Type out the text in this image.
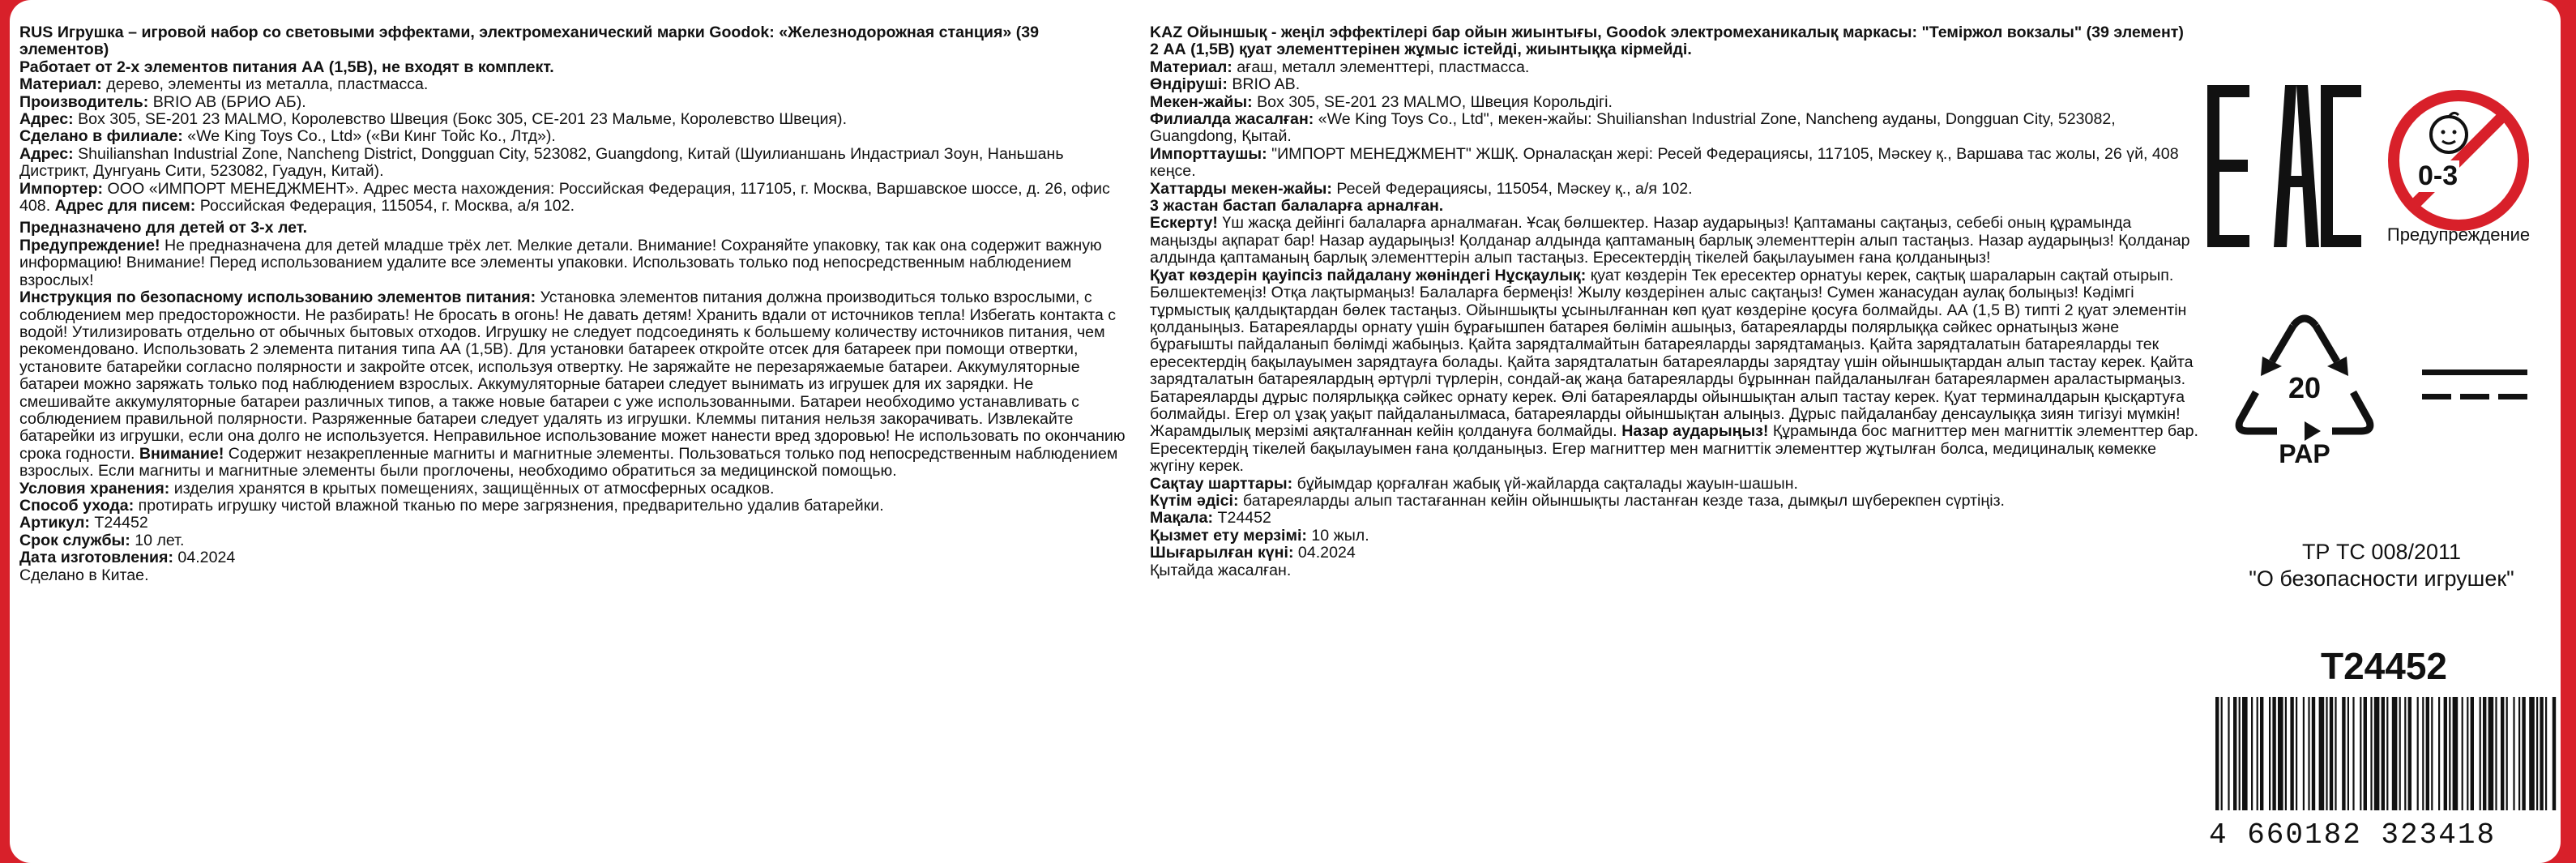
RUS Игрушка – игровой набор со световыми эффектами, электромеханический марки Goodok: «Железнодорожная станция» (39 элементов)

Работает от 2-х элементов питания АА (1,5В), не входят в комплект.

Материал: дерево, элементы из металла, пластмасса.

Производитель: BRIO AB (БРИО АБ).

Адрес: Box 305, SE-201 23 MALMO, Королевство Швеция (Бокс 305, СЕ-201 23 Мальме, Королевство Швеция).

Сделано в филиале: «We King Toys Co., Ltd» («Ви Кинг Тойс Ко., Лтд»).

Адрес: Shuilianshan Industrial Zone, Nancheng District, Dongguan City, 523082, Guangdong, Китай (Шуилианшань Индастриал Зоун, Наньшань Дистрикт, Дунгуань Сити, 523082, Гуадун, Китай).

Импортер: ООО «ИМПОРТ МЕНЕДЖМЕНТ». Адрес места нахождения: Российская Федерация, 117105, г. Москва, Варшавское шоссе, д. 26, офис 408. Адрес для писем: Российская Федерация, 115054, г. Москва, а/я 102.

Предназначено для детей от 3-х лет.

Предупреждение! Не предназначена для детей младше трёх лет. Мелкие детали. Внимание! Сохраняйте упаковку, так как она содержит важную информацию! Внимание! Перед использованием удалите все элементы упаковки. Использовать только под непосредственным наблюдением взрослых!

Инструкция по безопасному использованию элементов питания: Установка элементов питания должна производиться только взрослыми, с соблюдением мер предосторожности. Не разбирать! Не бросать в огонь! Не давать детям! Хранить вдали от источников тепла! Избегать контакта с водой! Утилизировать отдельно от обычных бытовых отходов. Игрушку не следует подсоединять к большему количеству источников питания, чем рекомендовано. Использовать 2 элемента питания типа АА (1,5В). Для установки батареек откройте отсек для батареек при помощи отвертки, установите батарейки согласно полярности и закройте отсек, используя отвертку. Не заряжайте не перезаряжаемые батареи. Аккумуляторные батареи можно заряжать только под наблюдением взрослых. Аккумуляторные батареи следует вынимать из игрушек для их зарядки. Не смешивайте аккумуляторные батареи различных типов, а также новые батареи с уже использованными. Батареи необходимо устанавливать с соблюдением правильной полярности. Разряженные батареи следует удалять из игрушки. Клеммы питания нельзя закорачивать. Извлекайте батарейки из игрушки, если она долго не используется. Неправильное использование может нанести вред здоровью! Не использовать по окончанию срока годности. Внимание! Содержит незакрепленные магниты и магнитные элементы. Пользоваться только под непосредственным наблюдением взрослых. Если магниты и магнитные элементы были проглочены, необходимо обратиться за медицинской помощью.

Условия хранения: изделия хранятся в крытых помещениях, защищённых от атмосферных осадков.

Способ ухода: протирать игрушку чистой влажной тканью по мере загрязнения, предварительно удалив батарейки.

Артикул: T24452

Срок службы: 10 лет.

Дата изготовления: 04.2024

Сделано в Китае.

KAZ Ойыншық - жеңіл эффектілері бар ойын жиынтығы, Goodok электромеханикалық маркасы: "Теміржол вокзалы" (39 элемент)

2 АА (1,5В) қуат элементтерінен жұмыс істейді, жиынтыққа кірмейді.

Материал: ағаш, металл элементтері, пластмасса.

Өндіруші: BRIO AB.

Мекен-жайы: Box 305, SE-201 23 MALMO, Швеция Корольдігі.

Филиалда жасалған: «We King Toys Co., Ltd", мекен-жайы: Shuilianshan Industrial Zone, Nancheng ауданы, Dongguan City, 523082, Guangdong, Қытай.

Импорттаушы: "ИМПОРТ МЕНЕДЖМЕНТ" ЖШҚ. Орналасқан жері: Ресей Федерациясы, 117105, Мәскеу қ., Варшава тас жолы, 26 үй, 408 кеңсе.

Хаттарды мекен-жайы: Ресей Федерациясы, 115054, Мәскеу қ., а/я 102.

3 жастан бастап балаларға арналған.

Ескерту! Үш жасқа дейінгі балаларға арналмаған. Ұсақ бөлшектер. Назар аударыңыз! Қаптаманы сақтаңыз, себебі оның құрамында маңызды ақпарат бар! Назар аударыңыз! Қолданар алдында қаптаманың барлық элементтерін алып тастаңыз. Назар аударыңыз! Қолданар алдында қаптаманың барлық элементтерін алып тастаңыз. Ересектердің тікелей бақылауымен ғана қолданыңыз!

Қуат көздерін қауіпсіз пайдалану жөніндегі Нұсқаулық: қуат көздерін Тек ересектер орнатуы керек, сақтық шараларын сақтай отырып. Бөлшектемеңіз! Отқа лақтырмаңыз! Балаларға бермеңіз! Жылу көздерінен алыс сақтаңыз! Сумен жанасудан аулақ болыңыз! Кәдімгі тұрмыстық қалдықтардан бөлек тастаңыз. Ойыншықты ұсынылғаннан көп қуат көздеріне қосуға болмайды. АА (1,5 В) типті 2 қуат элементін қолданыңыз. Батареяларды орнату үшін бұрағышпен батарея бөлімін ашыңыз, батареяларды полярлыққа сәйкес орнатыңыз және бұрағышты пайдаланып бөлімді жабыңыз. Қайта зарядталмайтын батареяларды зарядтамаңыз. Қайта зарядталатын батареяларды тек ересектердің бақылауымен зарядтауға болады. Қайта зарядталатын батареяларды зарядтау үшін ойыншықтардан алып тастау керек. Қайта зарядталатын батареялардың әртүрлі түрлерін, сондай-ақ жаңа батареяларды бұрыннан пайдаланылған батареялармен араластырмаңыз. Батареяларды дұрыс полярлыққа сәйкес орнату керек. Өлі батареяларды ойыншықтан алып тастау керек. Қуат терминалдарын қысқартуға болмайды. Егер ол ұзақ уақыт пайдаланылмаса, батареяларды ойыншықтан алыңыз. Дұрыс пайдаланбау денсаулыққа зиян тигізуі мүмкін! Жарамдылық мерзімі аяқталғаннан кейін қолдануға болмайды. Назар аударыңыз! Құрамында бос магниттер мен магниттік элементтер бар. Ересектердің тікелей бақылауымен ғана қолданыңыз. Егер магниттер мен магниттік элементтер жұтылған болса, медициналық көмекке жүгіну керек.

Сақтау шарттары: бұйымдар қорғалған жабық үй-жайларда сақталады жауын-шашын.

Күтім әдісі: батареяларды алып тастағаннан кейін ойыншықты ластанған кезде таза, дымқыл шүберекпен сүртіңіз.

Мақала: T24452

Қызмет ету мерзімі: 10 жыл.

Шығарылған күні: 04.2024

Қытайда жасалған.

0-3
Предупреждение
20
PAP
ТР ТС 008/2011
"О безопасности игрушек"
T24452
4 660182 323418
